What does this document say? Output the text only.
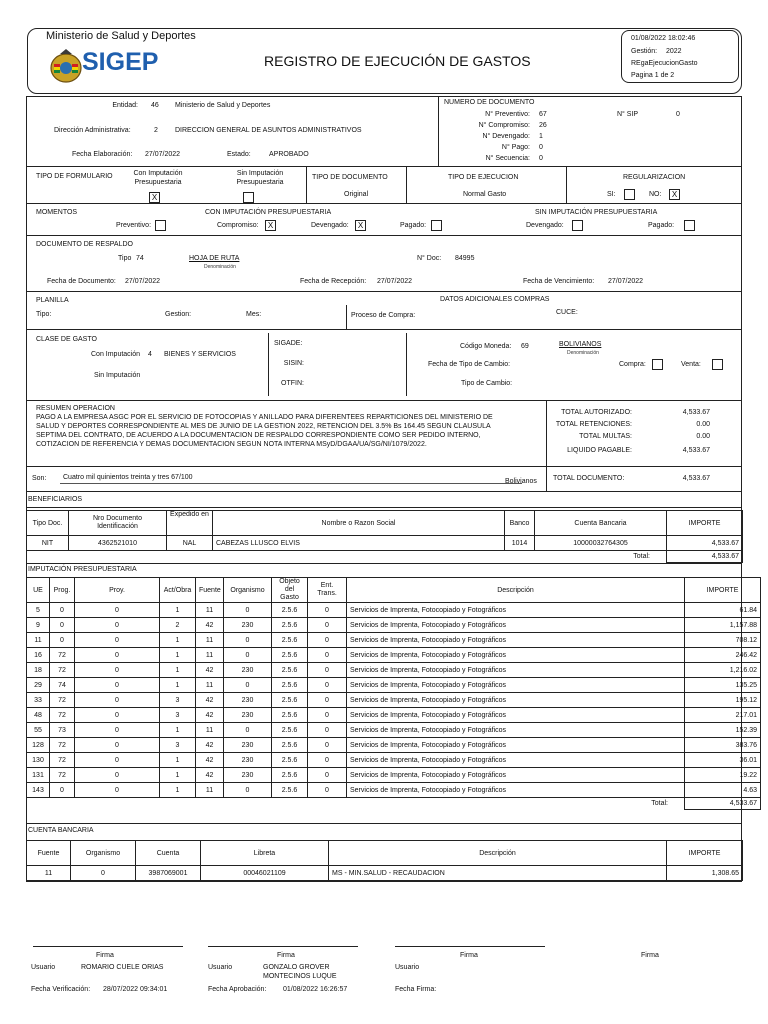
Ministerio de Salud y Deportes
SIGEP	REGISTRO DE EJECUCIÓN DE GASTOS
01/08/2022 18:02:46
Gestión: 2022
REgaEjecucionGasto
Pagina 1 de 2
Entidad: 46 Ministerio de Salud y Deportes
Dirección Administrativa:	2 DIRECCION GENERAL DE ASUNTOS ADMINISTRATIVOS
Fecha Elaboración: 27/07/2022	Estado:	APROBADO
NUMERO DE DOCUMENTO
N° Preventivo: 67
N° Compromiso: 26
N° Devengado: 1
N° Pago: 0
N° Secuencia: 0
N° SIP	0
TIPO DE FORMULARIO	Con Imputación Presupuestaria
X
Sin Imputación Presupuestaria
TIPO DE DOCUMENTO
Original
TIPO DE EJECUCION
Normal Gasto
REGULARIZACION
SI:	NO:	X
MOMENTOS	CON IMPUTACIÓN PRESUPUESTARIA	SIN IMPUTACIÓN PRESUPUESTARIA
Preventivo:	Compromiso:	X	Devengado:	X	Pagado:	Devengado:	Pagado:
DOCUMENTO DE RESPALDO
Tipo 74	HOJA DE RUTA
Denominación
N° Doc: 84995
Fecha de Documento: 27/07/2022	Fecha de Recepción: 27/07/2022	Fecha de Vencimiento: 27/07/2022
PLANILLA
Tipo:	Gestion:	Mes:
DATOS ADICIONALES COMPRAS
Proceso de Compra:	CUCE:
CLASE DE GASTO
Con Imputación 4 BIENES Y SERVICIOS
Sin Imputación
SIGADE:
SISIN:
OTFIN:
Código Moneda: 69	BOLIVIANOS
Denominación
Fecha de Tipo de Cambio:
Tipo de Cambio:
Compra:	Venta:
RESUMEN OPERACION
PAGO A LA EMPRESA ASGC POR EL SERVICIO DE FOTOCOPIAS Y ANILLADO PARA DIFERENTEES REPARTICIONES DEL MINISTERIO DE
SALUD Y DEPORTES CORRESPONDIENTE AL MES DE JUNIO DE LA GESTION 2022, RETENCION DEL 3.5% Bs 164.45 SEGUN CLAUSULA
SEPTIMA DEL CONTRATO, DE ACUERDO A LA DOCUMENTACION DE RESPALDO CORRESPONDIENTE COMO SER PEDIDO INTERNO,
COTIZACION DE REFERENCIA Y DEMAS DOCUMENTACION SEGUN NOTA INTERNA MSyD/DGAA/UA/SG/NI/1079/2022.
TOTAL AUTORIZADO:	4,533.67
TOTAL RETENCIONES:	0.00
TOTAL MULTAS:	0.00
LIQUIDO PAGABLE:	4,533.67
Son: Cuatro mil quinientos treinta y tres 67/100
Bolivianos TOTAL DOCUMENTO:	4,533.67
BENEFICIARIOS
Tipo Doc.	Nro Documento Identificación	Expedido en	Nombre o Razon Social	Banco	Cuenta Bancaria	IMPORTE
NIT	4362521010	NAL	CABEZAS LLUSCO ELVIS	1014	10000032764305	4,533.67
Total:						4,533.67
IMPUTACIÓN PRESUPUESTARIA
UE	Prog.	Proy.	Act/Obra	Fuente	Organismo	Objeto del Gasto	Ent. Trans.	Descripción	IMPORTE
5	0	0	1	11	0	2.5.6	0	Servicios de Imprenta, Fotocopiado y Fotográficos	61.84
9	0	0	2	42	230	2.5.6	0	Servicios de Imprenta, Fotocopiado y Fotográficos	1,157.88
11	0	0	1	11	0	2.5.6	0	Servicios de Imprenta, Fotocopiado y Fotográficos	708.12
16	72	0	1	11	0	2.5.6	0	Servicios de Imprenta, Fotocopiado y Fotográficos	246.42
18	72	0	1	42	230	2.5.6	0	Servicios de Imprenta, Fotocopiado y Fotográficos	1,216.02
29	74	0	1	11	0	2.5.6	0	Servicios de Imprenta, Fotocopiado y Fotográficos	135.25
33	72	0	3	42	230	2.5.6	0	Servicios de Imprenta, Fotocopiado y Fotográficos	195.12
48	72	0	3	42	230	2.5.6	0	Servicios de Imprenta, Fotocopiado y Fotográficos	217.01
55	73	0	1	11	0	2.5.6	0	Servicios de Imprenta, Fotocopiado y Fotográficos	152.39
128	72	0	3	42	230	2.5.6	0	Servicios de Imprenta, Fotocopiado y Fotográficos	383.76
130	72	0	1	42	230	2.5.6	0	Servicios de Imprenta, Fotocopiado y Fotográficos	36.01
131	72	0	1	42	230	2.5.6	0	Servicios de Imprenta, Fotocopiado y Fotográficos	19.22
143	0	0	1	11	0	2.5.6	0	Servicios de Imprenta, Fotocopiado y Fotográficos	4.63
Total:									4,533.67
CUENTA BANCARIA
Fuente	Organismo	Cuenta	Libreta	Descripción	IMPORTE
11	0	3987069001	00046021109	MS - MIN.SALUD - RECAUDACION	1,308.65
Firma	Firma	Firma	Firma
Usuario	ROMARIO CUELE ORIAS	Usuario	GONZALO GROVER
MONTECINOS LUQUE
Usuario
Fecha Verificación: 28/07/2022 09:34:01	Fecha Aprobación: 01/08/2022 16:26:57	Fecha Firma:
